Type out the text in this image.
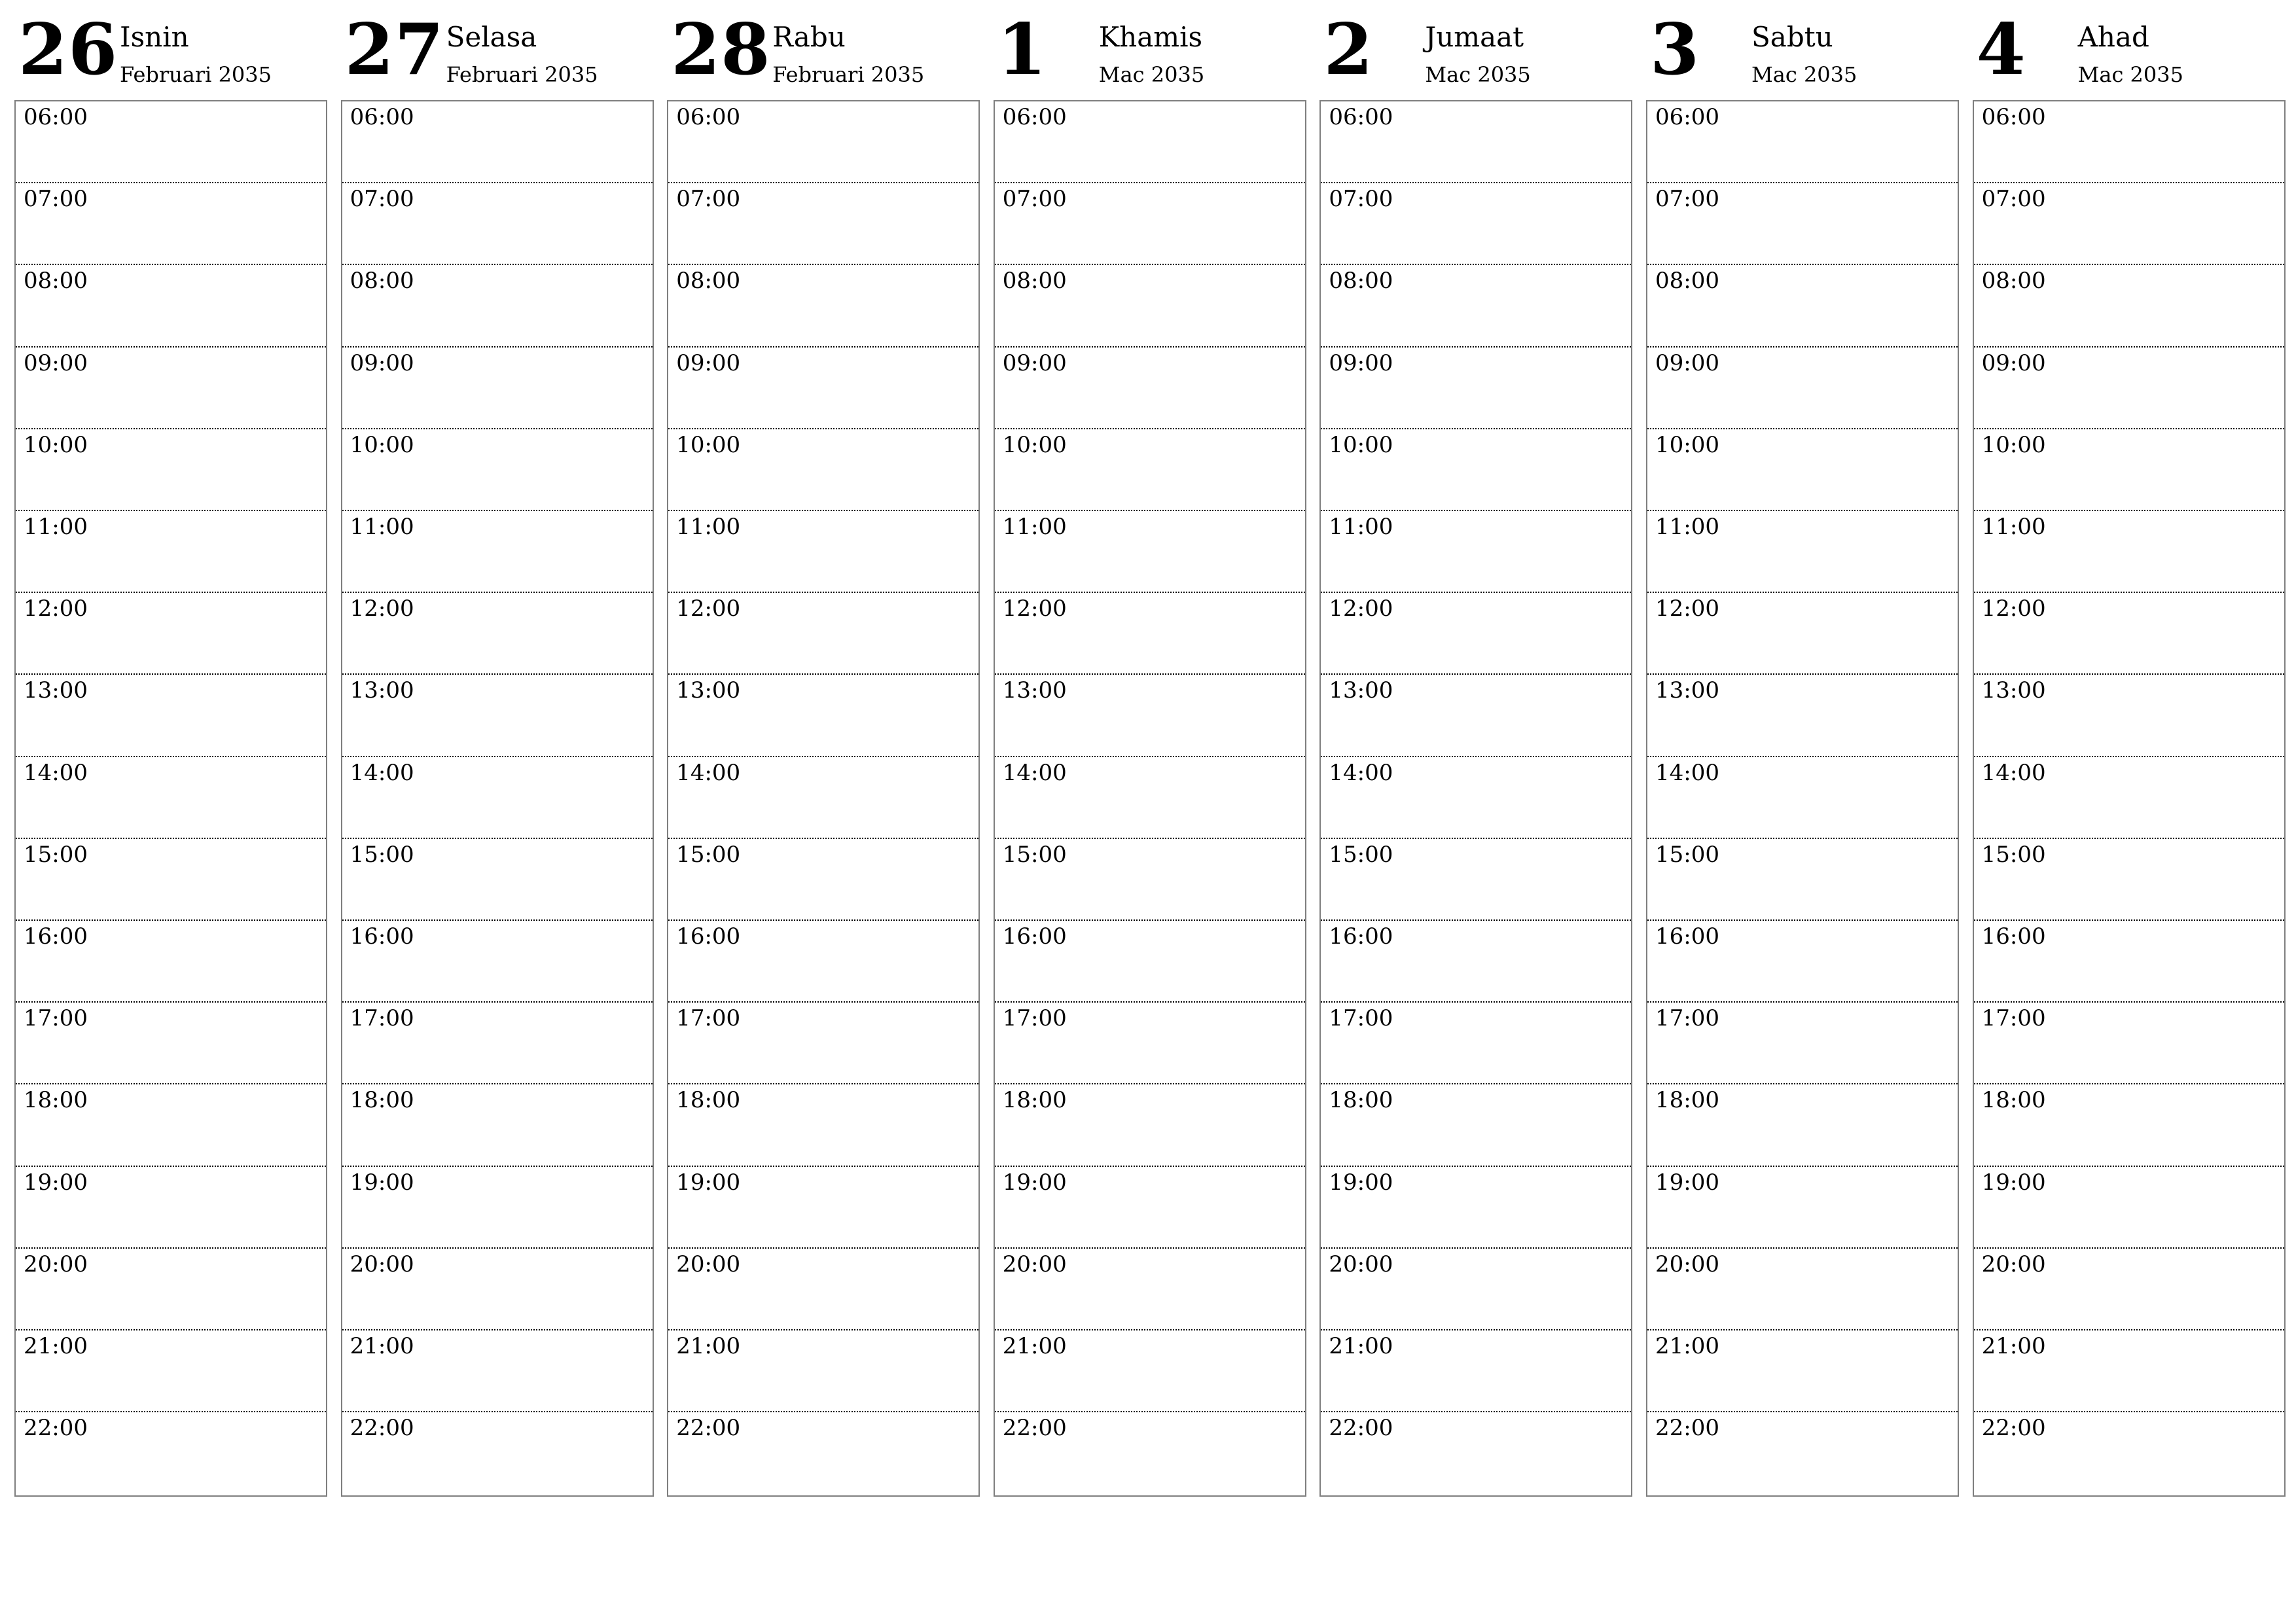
26 Isnin
Februari 2035
06:00
07:00
08:00
09:00
10:00
11:00
12:00
13:00
14:00
15:00
16:00
17:00
18:00
19:00
20:00
21:00
22:00
27 Selasa
Februari 2035
06:00
07:00
08:00
09:00
10:00
11:00
12:00
13:00
14:00
15:00
16:00
17:00
18:00
19:00
20:00
21:00
22:00
28 Rabu
Februari 2035
06:00
07:00
08:00
09:00
10:00
11:00
12:00
13:00
14:00
15:00
16:00
17:00
18:00
19:00
20:00
21:00
22:00
1 Khamis
Mac 2035
06:00
07:00
08:00
09:00
10:00
11:00
12:00
13:00
14:00
15:00
16:00
17:00
18:00
19:00
20:00
21:00
22:00
2 Jumaat
Mac 2035
06:00
07:00
08:00
09:00
10:00
11:00
12:00
13:00
14:00
15:00
16:00
17:00
18:00
19:00
20:00
21:00
22:00
3 Sabtu
Mac 2035
06:00
07:00
08:00
09:00
10:00
11:00
12:00
13:00
14:00
15:00
16:00
17:00
18:00
19:00
20:00
21:00
22:00
4 Ahad
Mac 2035
06:00
07:00
08:00
09:00
10:00
11:00
12:00
13:00
14:00
15:00
16:00
17:00
18:00
19:00
20:00
21:00
22:00
